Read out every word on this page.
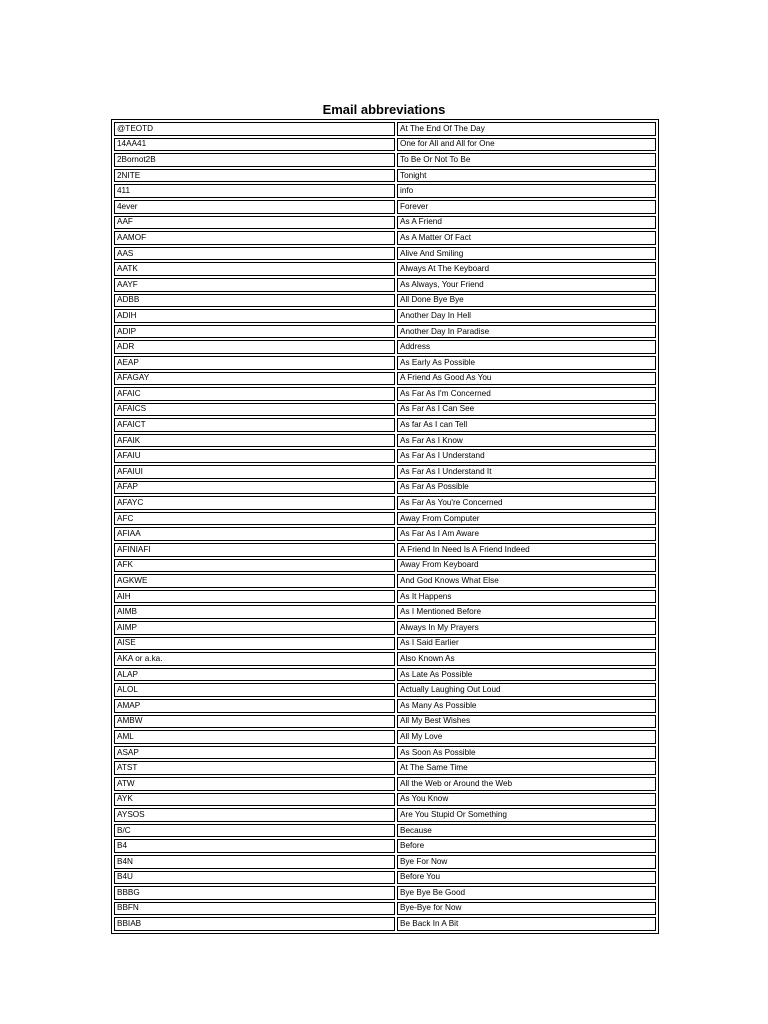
Email abbreviations
@TEOTD	At The End Of The Day
14AA41	One for All and All for One
2Bornot2B	To Be Or Not To Be
2NITE	Tonight
411	info
4ever	Forever
AAF	As A Friend
AAMOF	As A Matter Of Fact
AAS	Alive And Smiling
AATK	Always At The Keyboard
AAYF	As Always, Your Friend
ADBB	All Done Bye Bye
ADIH	Another Day In Hell
ADIP	Another Day In Paradise
ADR	Address
AEAP	As Early As Possible
AFAGAY	A Friend As Good As You
AFAIC	As Far As I'm Concerned
AFAICS	As Far As I Can See
AFAICT	As far As I can Tell
AFAIK	As Far As I Know
AFAIU	As Far As I Understand
AFAIUI	As Far As I Understand It
AFAP	As Far As Possible
AFAYC	As Far As You're Concerned
AFC	Away From Computer
AFIAA	As Far As I Am Aware
AFINIAFI	A Friend In Need Is A Friend Indeed
AFK	Away From Keyboard
AGKWE	And God Knows What Else
AIH	As It Happens
AIMB	As I Mentioned Before
AIMP	Always In My Prayers
AISE	As I Said Earlier
AKA or a.ka.	Also Known As
ALAP	As Late As Possible
ALOL	Actually Laughing Out Loud
AMAP	As Many As Possible
AMBW	All My Best Wishes
AML	All My Love
ASAP	As Soon As Possible
ATST	At The Same Time
ATW	All the Web or Around the Web
AYK	As You Know
AYSOS	Are You Stupid Or Something
B/C	Because
B4	Before
B4N	Bye For Now
B4U	Before You
BBBG	Bye Bye Be Good
BBFN	Bye-Bye for Now
BBIAB	Be Back In A Bit
